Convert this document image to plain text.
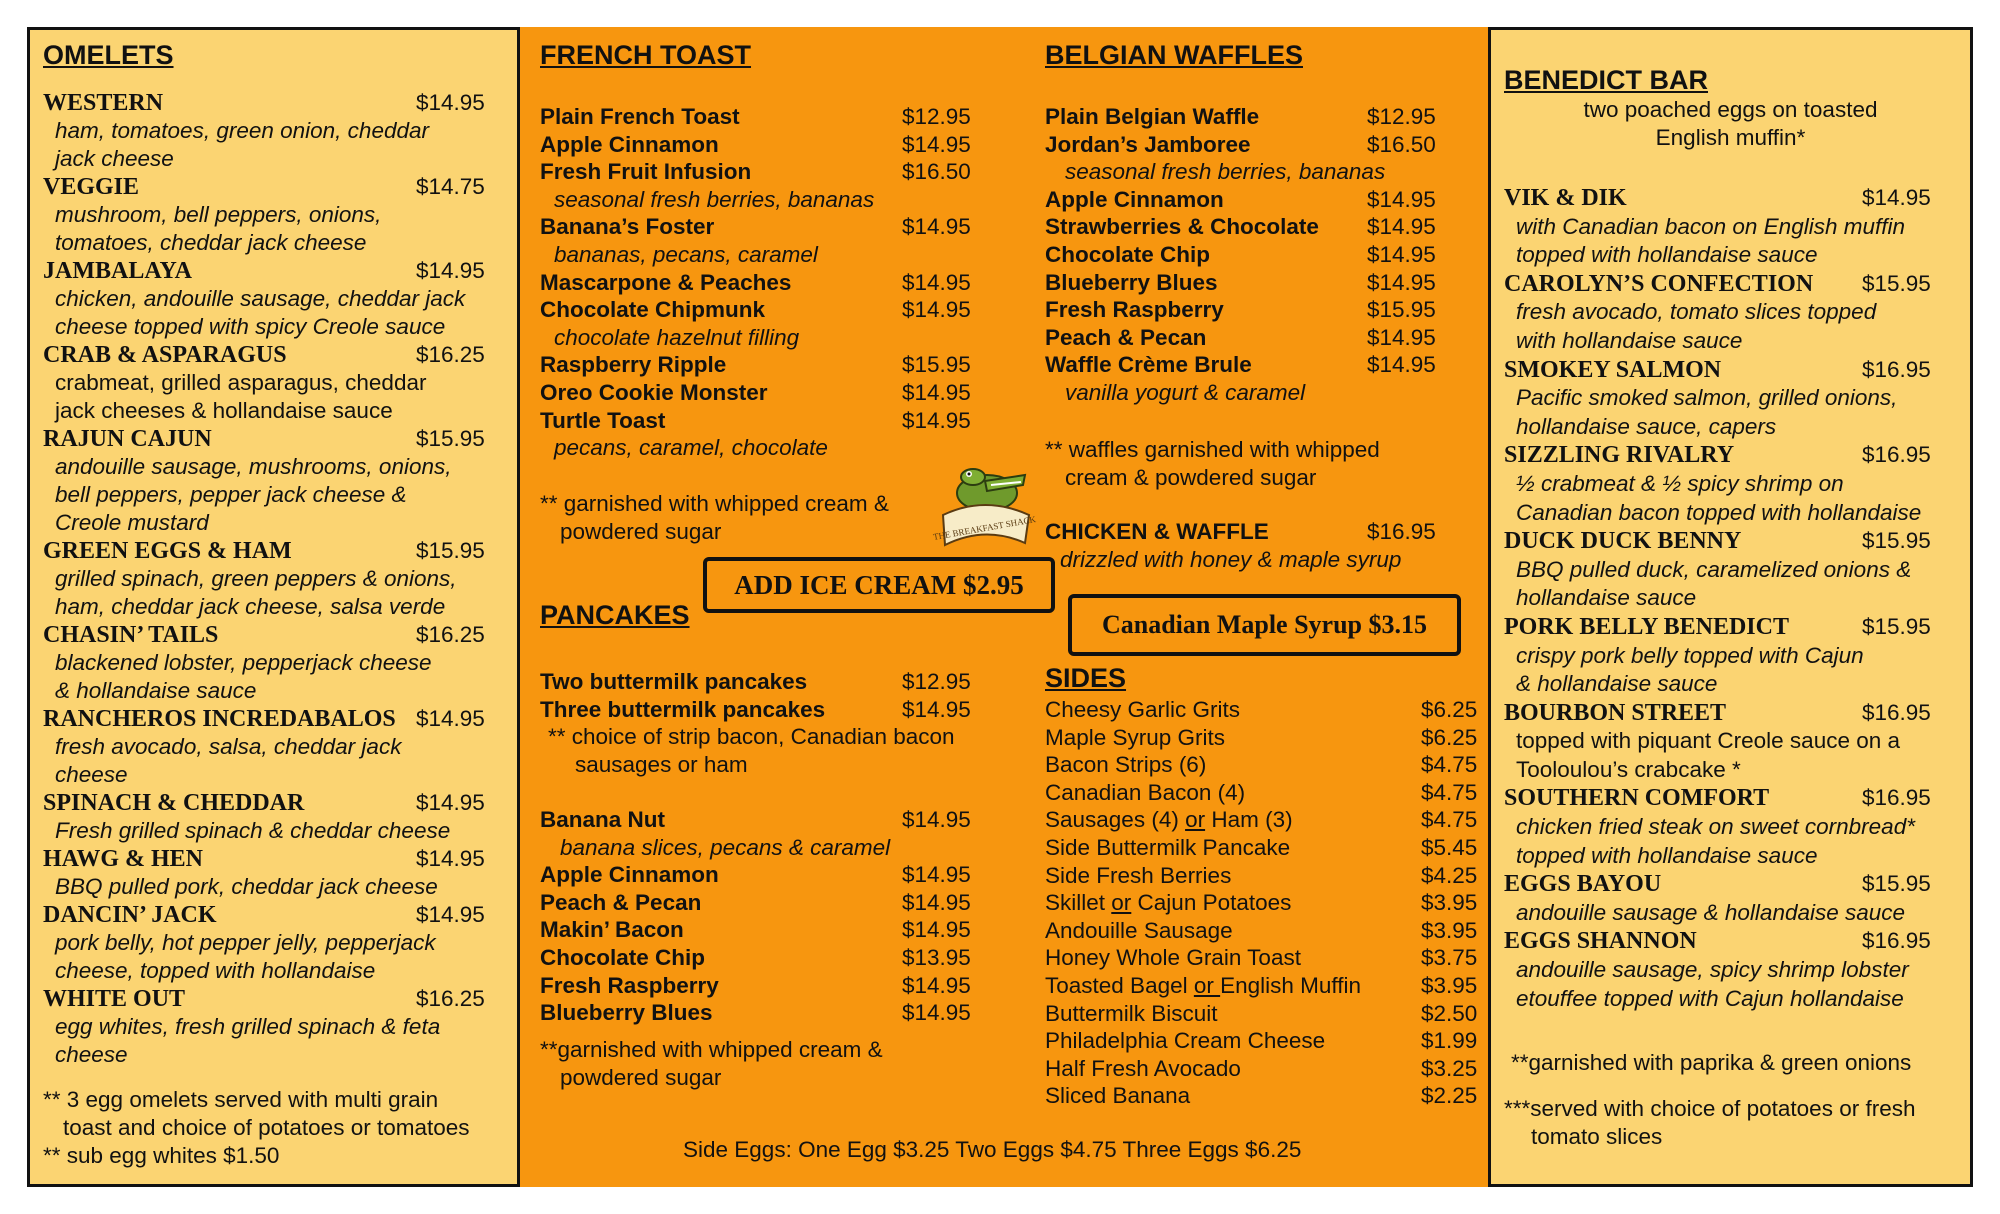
OMELETS
WESTERN	$14.95
ham, tomatoes, green onion, cheddar
jack cheese
VEGGIE	$14.75
mushroom, bell peppers, onions,
tomatoes, cheddar jack cheese
JAMBALAYA	$14.95
chicken, andouille sausage, cheddar jack
cheese topped with spicy Creole sauce
CRAB & ASPARAGUS	$16.25
crabmeat, grilled asparagus, cheddar
jack cheeses & hollandaise sauce
RAJUN CAJUN	$15.95
andouille sausage, mushrooms, onions,
bell peppers, pepper jack cheese &
Creole mustard
GREEN EGGS & HAM	$15.95
grilled spinach, green peppers & onions,
ham, cheddar jack cheese, salsa verde
CHASIN’ TAILS	$16.25
blackened lobster, pepperjack cheese
& hollandaise sauce
RANCHEROS INCREDABALOS $14.95
fresh avocado, salsa, cheddar jack
cheese
SPINACH & CHEDDAR	$14.95
Fresh grilled spinach & cheddar cheese
HAWG & HEN	$14.95
BBQ pulled pork, cheddar jack cheese
DANCIN’ JACK	$14.95
pork belly, hot pepper jelly, pepperjack
cheese, topped with hollandaise
WHITE OUT	$16.25
egg whites, fresh grilled spinach & feta
cheese
** 3 egg omelets served with multi grain
toast and choice of potatoes or tomatoes
** sub egg whites $1.50
FRENCH TOAST
Plain French Toast	$12.95
Apple Cinnamon	$14.95
Fresh Fruit Infusion	$16.50
seasonal fresh berries, bananas
Banana’s Foster	$14.95
bananas, pecans, caramel
Mascarpone & Peaches	$14.95
Chocolate Chipmunk	$14.95
chocolate hazelnut filling
Raspberry Ripple	$15.95
Oreo Cookie Monster	$14.95
Turtle Toast	$14.95
pecans, caramel, chocolate
** garnished with whipped cream &
powdered sugar	THE BREAKFAST SHACK
ADD ICE CREAM $2.95
PANCAKES
Two buttermilk pancakes	$12.95
Three buttermilk pancakes	$14.95
** choice of strip bacon, Canadian bacon
sausages or ham
Banana Nut	$14.95
banana slices, pecans & caramel
Apple Cinnamon	$14.95
Peach & Pecan	$14.95
Makin’ Bacon	$14.95
Chocolate Chip	$13.95
Fresh Raspberry	$14.95
Blueberry Blues	$14.95
**garnished with whipped cream &
powdered sugar
BELGIAN WAFFLES
Plain Belgian Waffle	$12.95
Jordan’s Jamboree	$16.50
seasonal fresh berries, bananas
Apple Cinnamon	$14.95
Strawberries & Chocolate $14.95
Chocolate Chip	$14.95
Blueberry Blues	$14.95
Fresh Raspberry	$15.95
Peach & Pecan	$14.95
Waffle Crème Brule	$14.95
vanilla yogurt & caramel
** waffles garnished with whipped
cream & powdered sugar
CHICKEN & WAFFLE	$16.95
drizzled with honey & maple syrup
Canadian Maple Syrup $3.15
SIDES
Cheesy Garlic Grits	$6.25
Maple Syrup Grits	$6.25
Bacon Strips (6)	$4.75
Canadian Bacon (4)	$4.75
Sausages (4) or Ham (3)	$4.75
Side Buttermilk Pancake	$5.45
Side Fresh Berries	$4.25
Skillet or Cajun Potatoes	$3.95
Andouille Sausage	$3.95
Honey Whole Grain Toast	$3.75
Toasted Bagel or English Muffin	$3.95
Buttermilk Biscuit	$2.50
Philadelphia Cream Cheese	$1.99
Half Fresh Avocado	$3.25
Sliced Banana	$2.25
Side Eggs: One Egg $3.25 Two Eggs $4.75 Three Eggs $6.25
BENEDICT BAR
two poached eggs on toasted
English muffin*
VIK & DIK	$14.95
with Canadian bacon on English muffin
topped with hollandaise sauce
CAROLYN’S CONFECTION $15.95
fresh avocado, tomato slices topped
with hollandaise sauce
SMOKEY SALMON	$16.95
Pacific smoked salmon, grilled onions,
hollandaise sauce, capers
SIZZLING RIVALRY	$16.95
½ crabmeat & ½ spicy shrimp on
Canadian bacon topped with hollandaise
DUCK DUCK BENNY	$15.95
BBQ pulled duck, caramelized onions &
hollandaise sauce
PORK BELLY BENEDICT	$15.95
crispy pork belly topped with Cajun
& hollandaise sauce
BOURBON STREET	$16.95
topped with piquant Creole sauce on a
Tooloulou’s crabcake *
SOUTHERN COMFORT	$16.95
chicken fried steak on sweet cornbread*
topped with hollandaise sauce
EGGS BAYOU	$15.95
andouille sausage & hollandaise sauce
EGGS SHANNON	$16.95
andouille sausage, spicy shrimp lobster
etouffee topped with Cajun hollandaise
**garnished with paprika & green onions
***served with choice of potatoes or fresh
tomato slices
